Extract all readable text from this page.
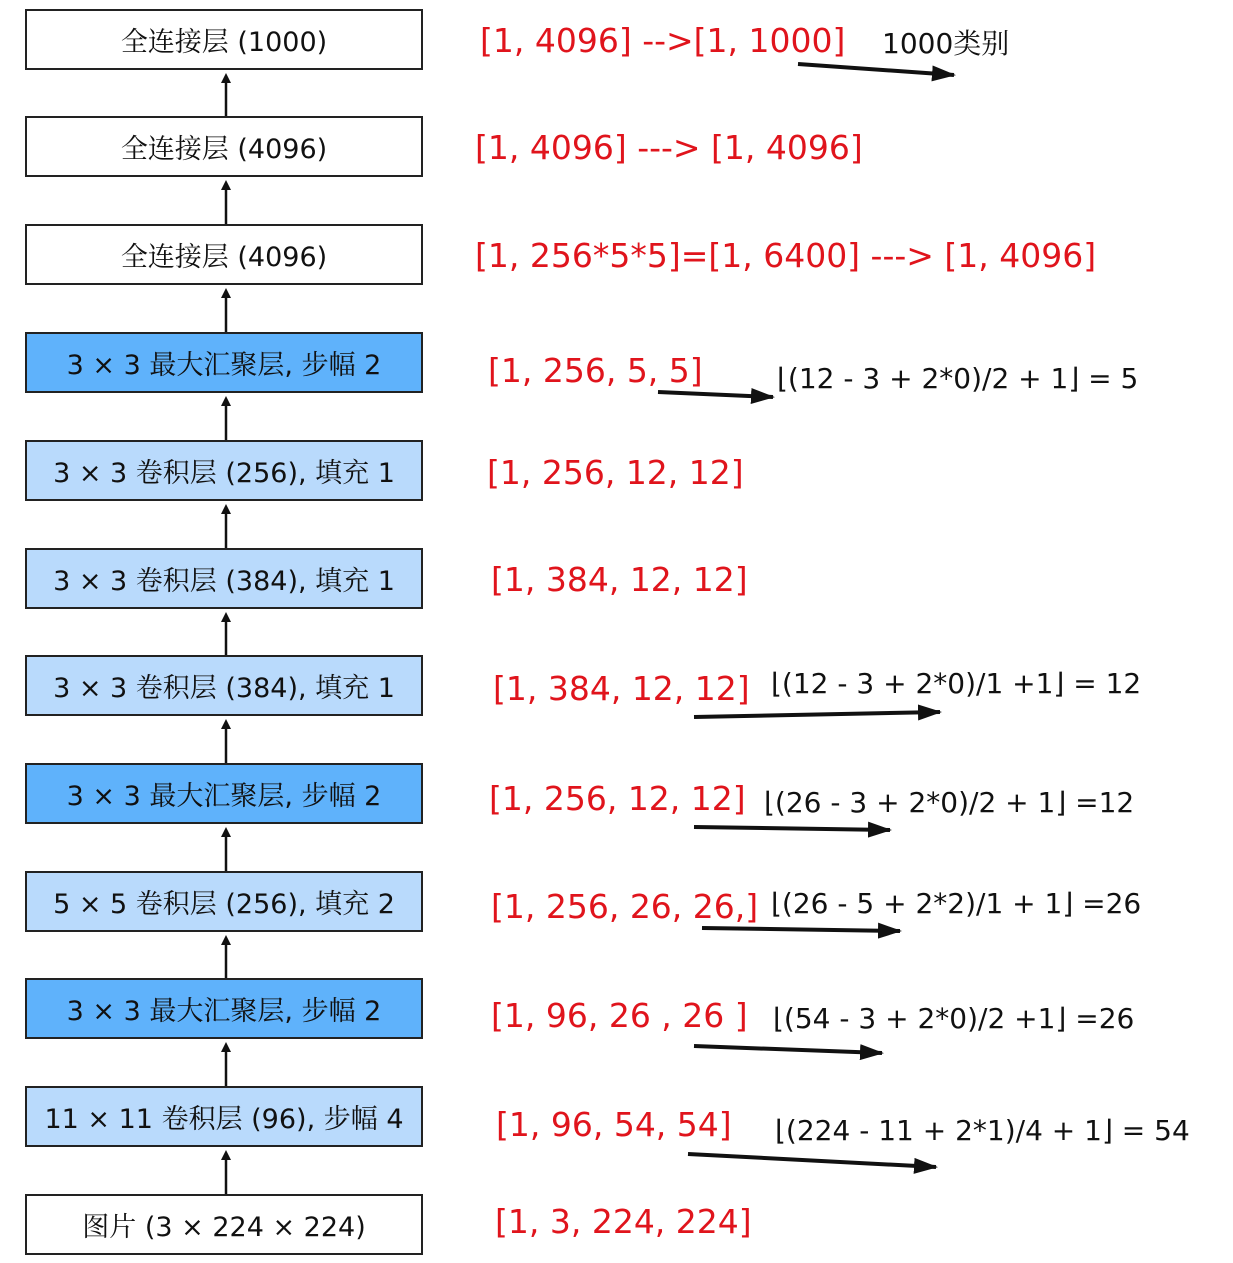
全连接层 (1000)
全连接层 (4096)
全连接层 (4096)
3 × 3 最大汇聚层, 步幅 2
3 × 3 卷积层 (256), 填充 1
3 × 3 卷积层 (384), 填充 1
3 × 3 卷积层 (384), 填充 1
3 × 3 最大汇聚层, 步幅 2
5 × 5 卷积层 (256), 填充 2
3 × 3 最大汇聚层, 步幅 2
11 × 11 卷积层 (96), 步幅 4
图片 (3 × 224 × 224)
[1, 4096] -->[1, 1000]
[1, 4096] ---> [1, 4096]
[1, 256*5*5]=[1, 6400] ---> [1, 4096]
[1, 256, 5, 5]
[1, 256, 12, 12]
[1, 384, 12, 12]
[1, 384, 12, 12]
[1, 256, 12, 12]
[1, 256, 26, 26,]
[1, 96, 26 , 26 ]
[1, 96, 54, 54]
[1, 3, 224, 224]
1000类别
⌊(12 - 3 + 2*0)/2 + 1⌋ = 5
⌊(12 - 3 + 2*0)/1 +1⌋ = 12
⌊(26 - 3 + 2*0)/2 + 1⌋ =12
⌊(26 - 5 + 2*2)/1 + 1⌋ =26
⌊(54 - 3 + 2*0)/2 +1⌋ =26
⌊(224 - 11 + 2*1)/4 + 1⌋ = 54
